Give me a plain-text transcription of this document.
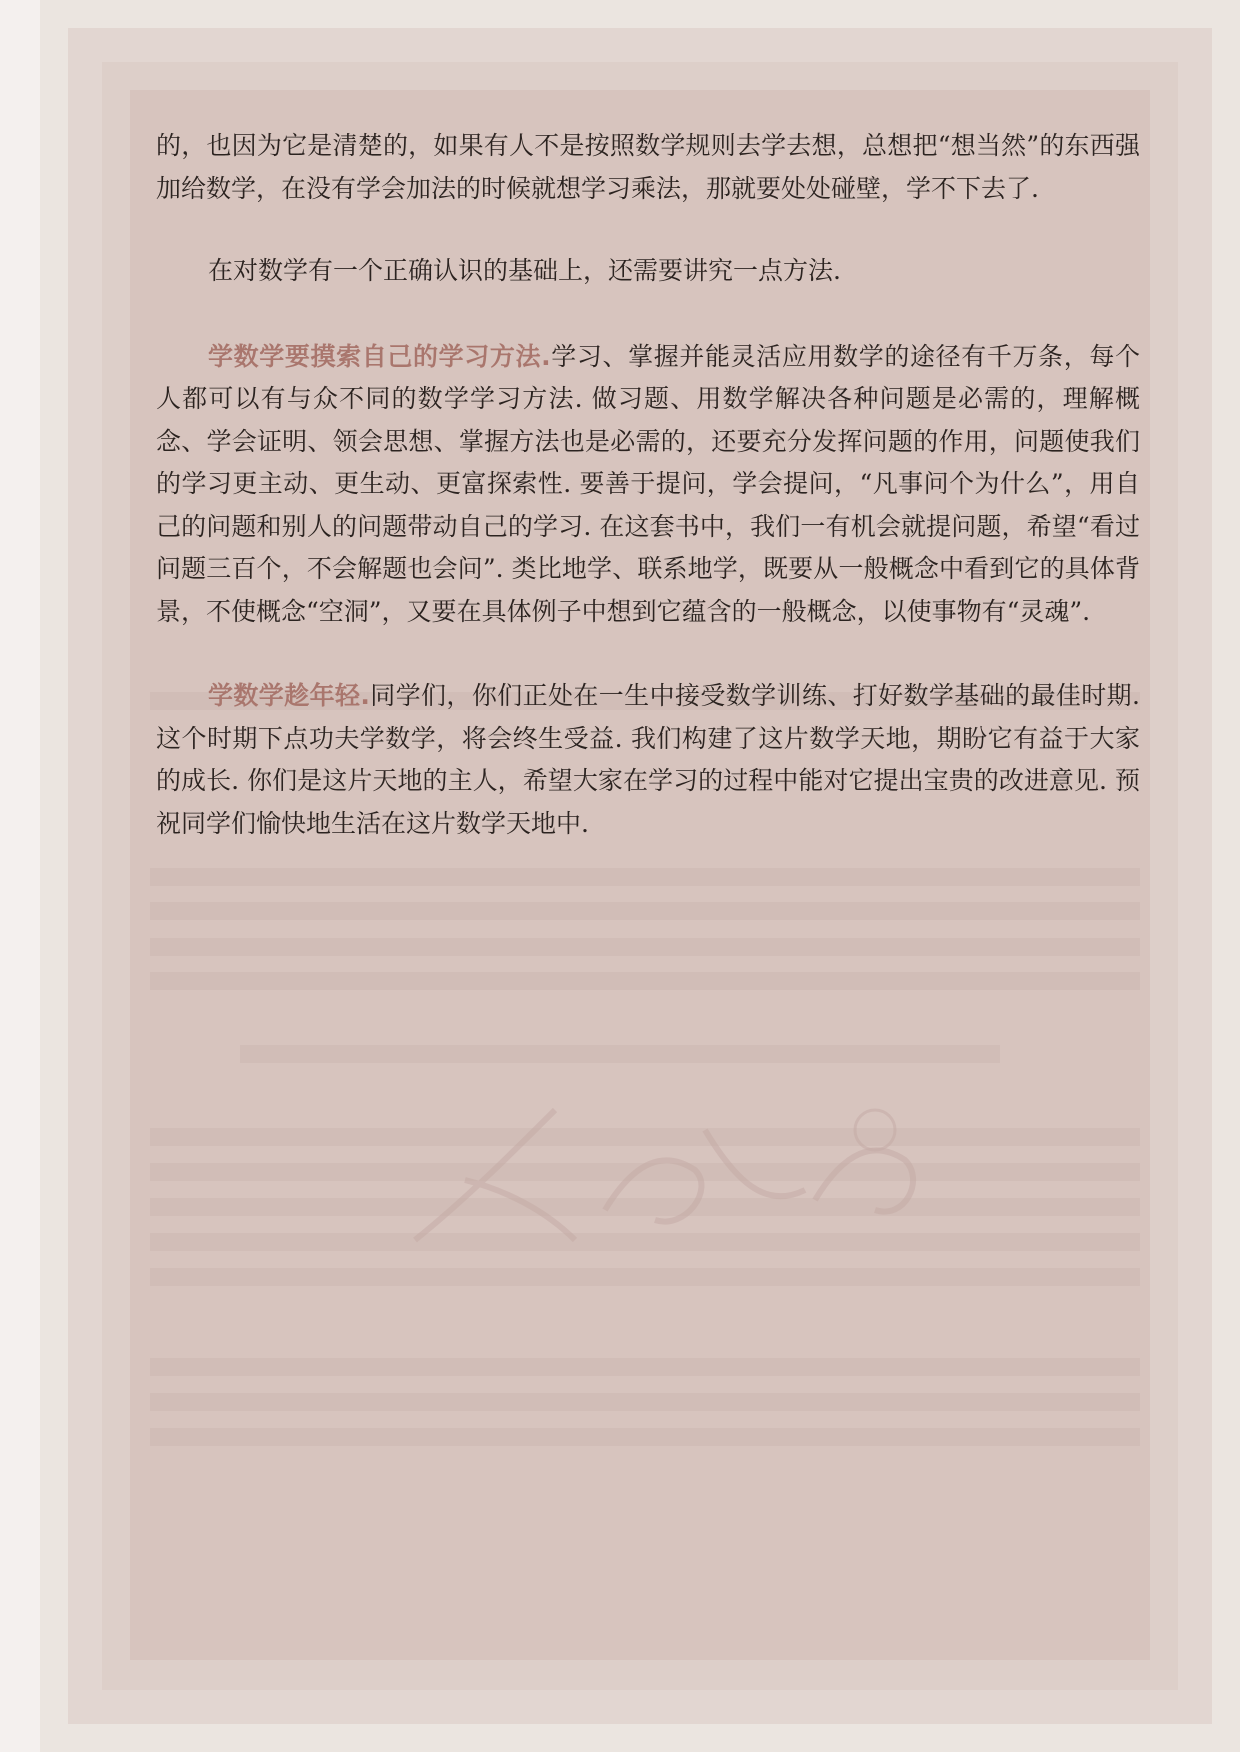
的，也因为它是清楚的，如果有人不是按照数学规则去学去想，总想把“想当然”的东西强加给数学，在没有学会加法的时候就想学习乘法，那就要处处碰壁，学不下去了.

在对数学有一个正确认识的基础上，还需要讲究一点方法.

学数学要摸索自己的学习方法.学习、掌握并能灵活应用数学的途径有千万条，每个人都可以有与众不同的数学学习方法. 做习题、用数学解决各种问题是必需的，理解概念、学会证明、领会思想、掌握方法也是必需的，还要充分发挥问题的作用，问题使我们的学习更主动、更生动、更富探索性. 要善于提问，学会提问，“凡事问个为什么”，用自己的问题和别人的问题带动自己的学习. 在这套书中，我们一有机会就提问题，希望“看过问题三百个，不会解题也会问”. 类比地学、联系地学，既要从一般概念中看到它的具体背景，不使概念“空洞”，又要在具体例子中想到它蕴含的一般概念，以使事物有“灵魂”.

学数学趁年轻.同学们，你们正处在一生中接受数学训练、打好数学基础的最佳时期. 这个时期下点功夫学数学，将会终生受益. 我们构建了这片数学天地，期盼它有益于大家的成长. 你们是这片天地的主人，希望大家在学习的过程中能对它提出宝贵的改进意见. 预祝同学们愉快地生活在这片数学天地中.
